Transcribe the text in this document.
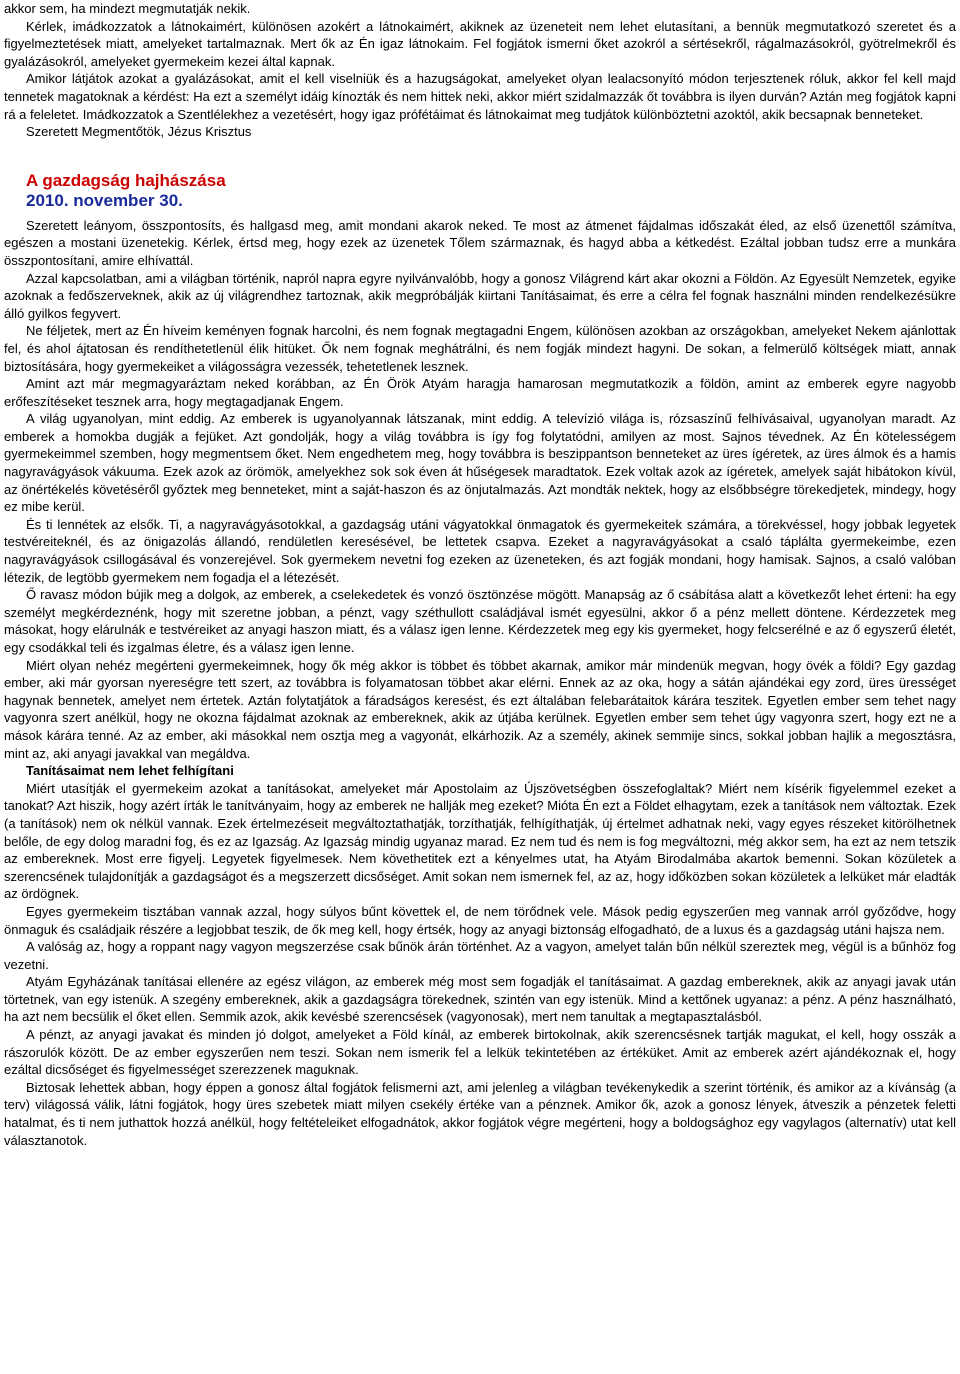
akkor sem, ha mindezt megmutatják nekik.

Kérlek, imádkozzatok a látnokaimért, különösen azokért a látnokaimért, akiknek az üzeneteit nem lehet elutasítani, a bennük megmutatkozó szeretet és a figyelmeztetések miatt, amelyeket tartalmaznak. Mert ők az Én igaz látnokaim. Fel fogjátok ismerni őket azokról a sértésekről, rágalmazásokról, gyötrelmekről és gyalázásokról, amelyeket gyermekeim kezei által kapnak.

Amikor látjátok azokat a gyalázásokat, amit el kell viselniük és a hazugságokat, amelyeket olyan lealacsonyító módon terjesztenek róluk, akkor fel kell majd tennetek magatoknak a kérdést: Ha ezt a személyt idáig kínozták és nem hittek neki, akkor miért szidalmazzák őt továbbra is ilyen durván? Aztán meg fogjátok kapni rá a feleletet. Imádkozzatok a Szentlélekhez a vezetésért, hogy igaz prófétáimat és látnokaimat meg tudjátok különböztetni azoktól, akik becsapnak benneteket.

Szeretett Megmentőtök, Jézus Krisztus

A gazdagság hajhászása
2010. november 30.

Szeretett leányom, összpontosíts, és hallgasd meg, amit mondani akarok neked. Te most az átmenet fájdalmas időszakát éled, az első üzenettől számítva, egészen a mostani üzenetekig. Kérlek, értsd meg, hogy ezek az üzenetek Tőlem származnak, és hagyd abba a kétkedést. Ezáltal jobban tudsz erre a munkára összpontosítani, amire elhívattál.

Azzal kapcsolatban, ami a világban történik, napról napra egyre nyilvánvalóbb, hogy a gonosz Világrend kárt akar okozni a Földön. Az Egyesült Nemzetek, egyike azoknak a fedőszerveknek, akik az új világrendhez tartoznak, akik megpróbálják kiirtani Tanításaimat, és erre a célra fel fognak használni minden rendelkezésükre álló gyilkos fegyvert.

Ne féljetek, mert az Én híveim keményen fognak harcolni, és nem fognak megtagadni Engem, különösen azokban az országokban, amelyeket Nekem ajánlottak fel, és ahol ájtatosan és rendíthetetlenül élik hitüket. Ők nem fognak meghátrálni, és nem fogják mindezt hagyni. De sokan, a felmerülő költségek miatt, annak biztosítására, hogy gyermekeiket a világosságra vezessék, tehetetlenek lesznek.

Amint azt már megmagyaráztam neked korábban, az Én Örök Atyám haragja hamarosan megmutatkozik a földön, amint az emberek egyre nagyobb erőfeszítéseket tesznek arra, hogy megtagadjanak Engem.

A világ ugyanolyan, mint eddig. Az emberek is ugyanolyannak látszanak, mint eddig. A televízió világa is, rózsaszínű felhívásaival, ugyanolyan maradt. Az emberek a homokba dugják a fejüket. Azt gondolják, hogy a világ továbbra is így fog folytatódni, amilyen az most. Sajnos tévednek. Az Én kötelességem gyermekeimmel szemben, hogy megmentsem őket. Nem engedhetem meg, hogy továbbra is beszippantson benneteket az üres ígéretek, az üres álmok és a hamis nagyravágyások vákuuma. Ezek azok az örömök, amelyekhez sok sok éven át hűségesek maradtatok. Ezek voltak azok az ígéretek, amelyek saját hibátokon kívül, az önértékelés követéséről győztek meg benneteket, mint a saját-haszon és az önjutalmazás. Azt mondták nektek, hogy az elsőbbségre törekedjetek, mindegy, hogy ez mibe kerül.

És ti lennétek az elsők. Ti, a nagyravágyásotokkal, a gazdagság utáni vágyatokkal önmagatok és gyermekeitek számára, a törekvéssel, hogy jobbak legyetek testvéreiteknél, és az önigazolás állandó, rendületlen keresésével, be lettetek csapva. Ezeket a nagyravágyásokat a csaló táplálta gyermekeimbe, ezen nagyravágyások csillogásával és vonzerejével. Sok gyermekem nevetni fog ezeken az üzeneteken, és azt fogják mondani, hogy hamisak. Sajnos, a csaló valóban létezik, de legtöbb gyermekem nem fogadja el a létezését.

Ő ravasz módon bújik meg a dolgok, az emberek, a cselekedetek és vonzó ösztönzése mögött. Manapság az ő csábítása alatt a következőt lehet érteni: ha egy személyt megkérdeznénk, hogy mit szeretne jobban, a pénzt, vagy széthullott családjával ismét egyesülni, akkor ő a pénz mellett döntene. Kérdezzetek meg másokat, hogy elárulnák e testvéreiket az anyagi haszon miatt, és a válasz igen lenne. Kérdezzetek meg egy kis gyermeket, hogy felcserélné e az ő egyszerű életét, egy csodákkal teli és izgalmas életre, és a válasz igen lenne.

Miért olyan nehéz megérteni gyermekeimnek, hogy ők még akkor is többet és többet akarnak, amikor már mindenük megvan, hogy övék a földi? Egy gazdag ember, aki már gyorsan nyereségre tett szert, az továbbra is folyamatosan többet akar elérni. Ennek az az oka, hogy a sátán ajándékai egy zord, üres ürességet hagynak bennetek, amelyet nem értetek. Aztán folytatjátok a fáradságos keresést, és ezt általában felebarátaitok kárára teszitek. Egyetlen ember sem tehet nagy vagyonra szert anélkül, hogy ne okozna fájdalmat azoknak az embereknek, akik az útjába kerülnek. Egyetlen ember sem tehet úgy vagyonra szert, hogy ezt ne a mások kárára tenné. Az az ember, aki másokkal nem osztja meg a vagyonát, elkárhozik. Az a személy, akinek semmije sincs, sokkal jobban hajlik a megosztásra, mint az, aki anyagi javakkal van megáldva.

Tanításaimat nem lehet felhígítani

Miért utasítják el gyermekeim azokat a tanításokat, amelyeket már Apostolaim az Újszövetségben összefoglaltak? Miért nem kísérik figyelemmel ezeket a tanokat? Azt hiszik, hogy azért írták le tanítványaim, hogy az emberek ne hallják meg ezeket? Mióta Én ezt a Földet elhagytam, ezek a tanítások nem változtak. Ezek (a tanítások) nem ok nélkül vannak. Ezek értelmezéseit megváltoztathatják, torzíthatják, felhígíthatják, új értelmet adhatnak neki, vagy egyes részeket kitörölhetnek belőle, de egy dolog maradni fog, és ez az Igazság. Az Igazság mindig ugyanaz marad. Ez nem tud és nem is fog megváltozni, még akkor sem, ha ezt az nem tetszik az embereknek. Most erre figyelj. Legyetek figyelmesek. Nem követhetitek ezt a kényelmes utat, ha Atyám Birodalmába akartok bemenni. Sokan közületek a szerencsének tulajdonítják a gazdagságot és a megszerzett dicsőséget. Amit sokan nem ismernek fel, az az, hogy időközben sokan közületek a lelküket már eladták az ördögnek.

Egyes gyermekeim tisztában vannak azzal, hogy súlyos bűnt követtek el, de nem törődnek vele. Mások pedig egyszerűen meg vannak arról győződve, hogy önmaguk és családjaik részére a legjobbat teszik, de ők meg kell, hogy értsék, hogy az anyagi biztonság elfogadható, de a luxus és a gazdagság utáni hajsza nem.

A valóság az, hogy a roppant nagy vagyon megszerzése csak bűnök árán történhet. Az a vagyon, amelyet talán bűn nélkül szereztek meg, végül is a bűnhöz fog vezetni.

Atyám Egyházának tanításai ellenére az egész világon, az emberek még most sem fogadják el tanításaimat. A gazdag embereknek, akik az anyagi javak után törtetnek, van egy istenük. A szegény embereknek, akik a gazdagságra törekednek, szintén van egy istenük. Mind a kettőnek ugyanaz: a pénz. A pénz használható, ha azt nem becsülik el őket ellen. Semmik azok, akik kevésbé szerencsések (vagyonosak), mert nem tanultak a megtapasztalásból.

A pénzt, az anyagi javakat és minden jó dolgot, amelyeket a Föld kínál, az emberek birtokolnak, akik szerencsésnek tartják magukat, el kell, hogy osszák a rászorulók között. De az ember egyszerűen nem teszi. Sokan nem ismerik fel a lelkük tekintetében az értéküket. Amit az emberek azért ajándékoznak el, hogy ezáltal dicsőséget és figyelmességet szerezzenek maguknak.

Biztosak lehettek abban, hogy éppen a gonosz által fogjátok felismerni azt, ami jelenleg a világban tevékenykedik a szerint történik, és amikor az a kívánság (a terv) világossá válik, látni fogjátok, hogy üres szebetek miatt milyen csekély értéke van a pénznek. Amikor ők, azok a gonosz lények, átveszik a pénzetek feletti hatalmat, és ti nem juthattok hozzá anélkül, hogy feltételeiket elfogadnátok, akkor fogjátok végre megérteni, hogy a boldogsághoz egy vagylagos (alternatív) utat kell választanotok.
